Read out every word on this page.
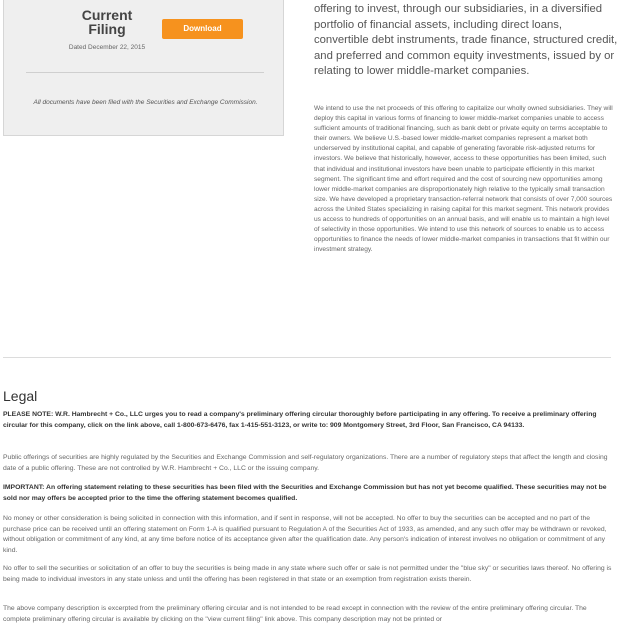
Current Filing	Download
Dated December 22, 2015
All documents have been filed with the Securities and Exchange Commission.

offering to invest, through our subsidiaries, in a diversified portfolio of financial assets, including direct loans, convertible debt instruments, trade finance, structured credit, and preferred and common equity investments, issued by or relating to lower middle-market companies.

We intend to use the net proceeds of this offering to capitalize our wholly owned subsidiaries. They will deploy this capital in various forms of financing to lower middle-market companies unable to access sufficient amounts of traditional financing, such as bank debt or private equity on terms acceptable to their owners. We believe U.S.-based lower middle-market companies represent a market both underserved by institutional capital, and capable of generating favorable risk-adjusted returns for investors. We believe that historically, however, access to these opportunities has been limited, such that individual and institutional investors have been unable to participate efficiently in this market segment. The significant time and effort required and the cost of sourcing new opportunities among lower middle-market companies are disproportionately high relative to the typically small transaction size. We have developed a proprietary transaction-referral network that consists of over 7,000 sources across the United States specializing in raising capital for this market segment. This network provides us access to hundreds of opportunities on an annual basis, and will enable us to maintain a high level of selectivity in those opportunities. We intend to use this network of sources to enable us to access opportunities to finance the needs of lower middle-market companies in transactions that fit within our investment strategy.

Legal

PLEASE NOTE: W.R. Hambrecht + Co., LLC urges you to read a company's preliminary offering circular thoroughly before participating in any offering. To receive a preliminary offering circular for this company, click on the link above, call 1-800-673-6476, fax 1-415-551-3123, or write to: 909 Montgomery Street, 3rd Floor, San Francisco, CA 94133.

Public offerings of securities are highly regulated by the Securities and Exchange Commission and self-regulatory organizations. There are a number of regulatory steps that affect the length and closing date of a public offering. These are not controlled by W.R. Hambrecht + Co., LLC or the issuing company.

IMPORTANT: An offering statement relating to these securities has been filed with the Securities and Exchange Commission but has not yet become qualified. These securities may not be sold nor may offers be accepted prior to the time the offering statement becomes qualified.

No money or other consideration is being solicited in connection with this information, and if sent in response, will not be accepted. No offer to buy the securities can be accepted and no part of the purchase price can be received until an offering statement on Form 1-A is qualified pursuant to Regulation A of the Securities Act of 1933, as amended, and any such offer may be withdrawn or revoked, without obligation or commitment of any kind, at any time before notice of its acceptance given after the qualification date. Any person's indication of interest involves no obligation or commitment of any kind.

No offer to sell the securities or solicitation of an offer to buy the securities is being made in any state where such offer or sale is not permitted under the "blue sky" or securities laws thereof. No offering is being made to individual investors in any state unless and until the offering has been registered in that state or an exemption from registration exists therein.

The above company description is excerpted from the preliminary offering circular and is not intended to be read except in connection with the review of the entire preliminary offering circular. The complete preliminary offering circular is available by clicking on the "view current filing" link above. This company description may not be printed or
